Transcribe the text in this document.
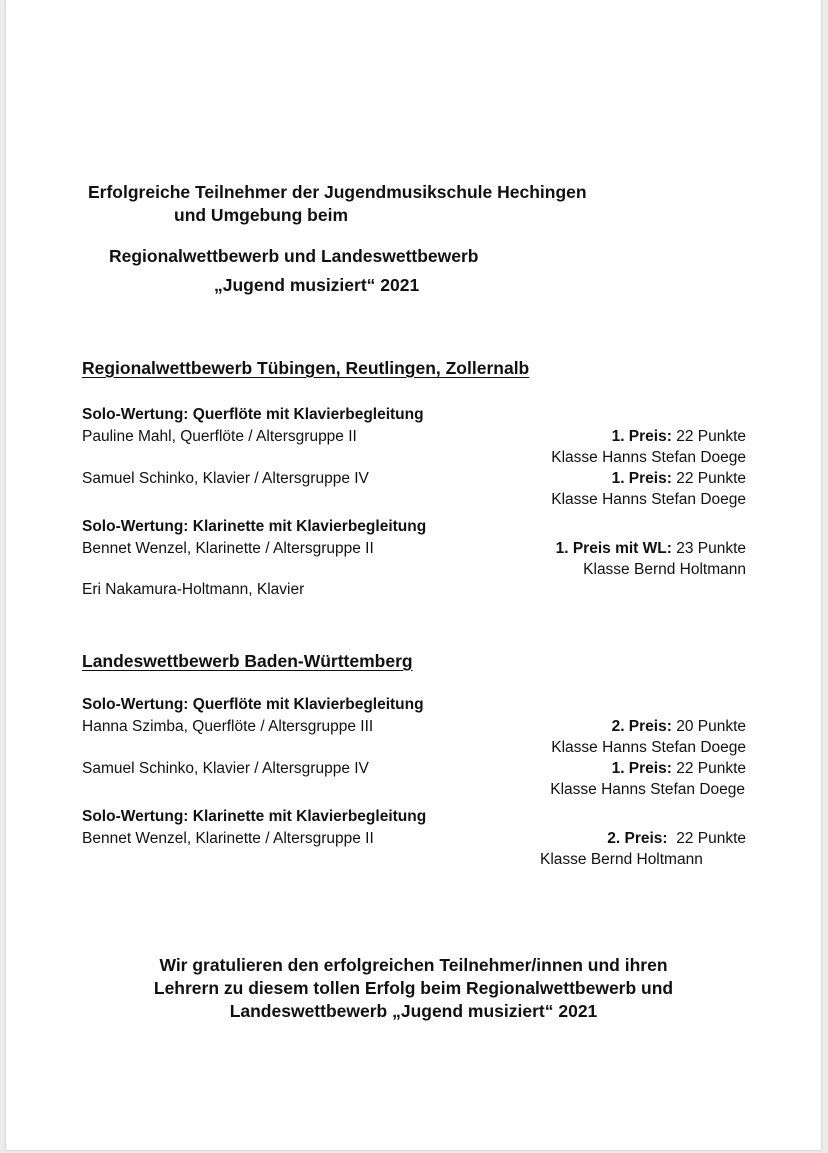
Erfolgreiche Teilnehmer der Jugendmusikschule Hechingen
und Umgebung beim
Regionalwettbewerb und Landeswettbewerb
„Jugend musiziert“ 2021
Regionalwettbewerb Tübingen, Reutlingen, Zollernalb
Solo-Wertung: Querflöte mit Klavierbegleitung
Pauline Mahl, Querflöte / Altersgruppe II	1. Preis: 22 Punkte
Klasse Hanns Stefan Doege
Samuel Schinko, Klavier / Altersgruppe IV	1. Preis: 22 Punkte
Klasse Hanns Stefan Doege
Solo-Wertung: Klarinette mit Klavierbegleitung
Bennet Wenzel, Klarinette / Altersgruppe II	1. Preis mit WL: 23 Punkte
Klasse Bernd Holtmann
Eri Nakamura-Holtmann, Klavier
Landeswettbewerb Baden-Württemberg
Solo-Wertung: Querflöte mit Klavierbegleitung
Hanna Szimba, Querflöte / Altersgruppe III	2. Preis: 20 Punkte
Klasse Hanns Stefan Doege
Samuel Schinko, Klavier / Altersgruppe IV	1. Preis: 22 Punkte
Klasse Hanns Stefan Doege
Solo-Wertung: Klarinette mit Klavierbegleitung
Bennet Wenzel, Klarinette / Altersgruppe II	2. Preis:  22 Punkte
Klasse Bernd Holtmann
Wir gratulieren den erfolgreichen Teilnehmer/innen und ihren
Lehrern zu diesem tollen Erfolg beim Regionalwettbewerb und
Landeswettbewerb „Jugend musiziert“ 2021
